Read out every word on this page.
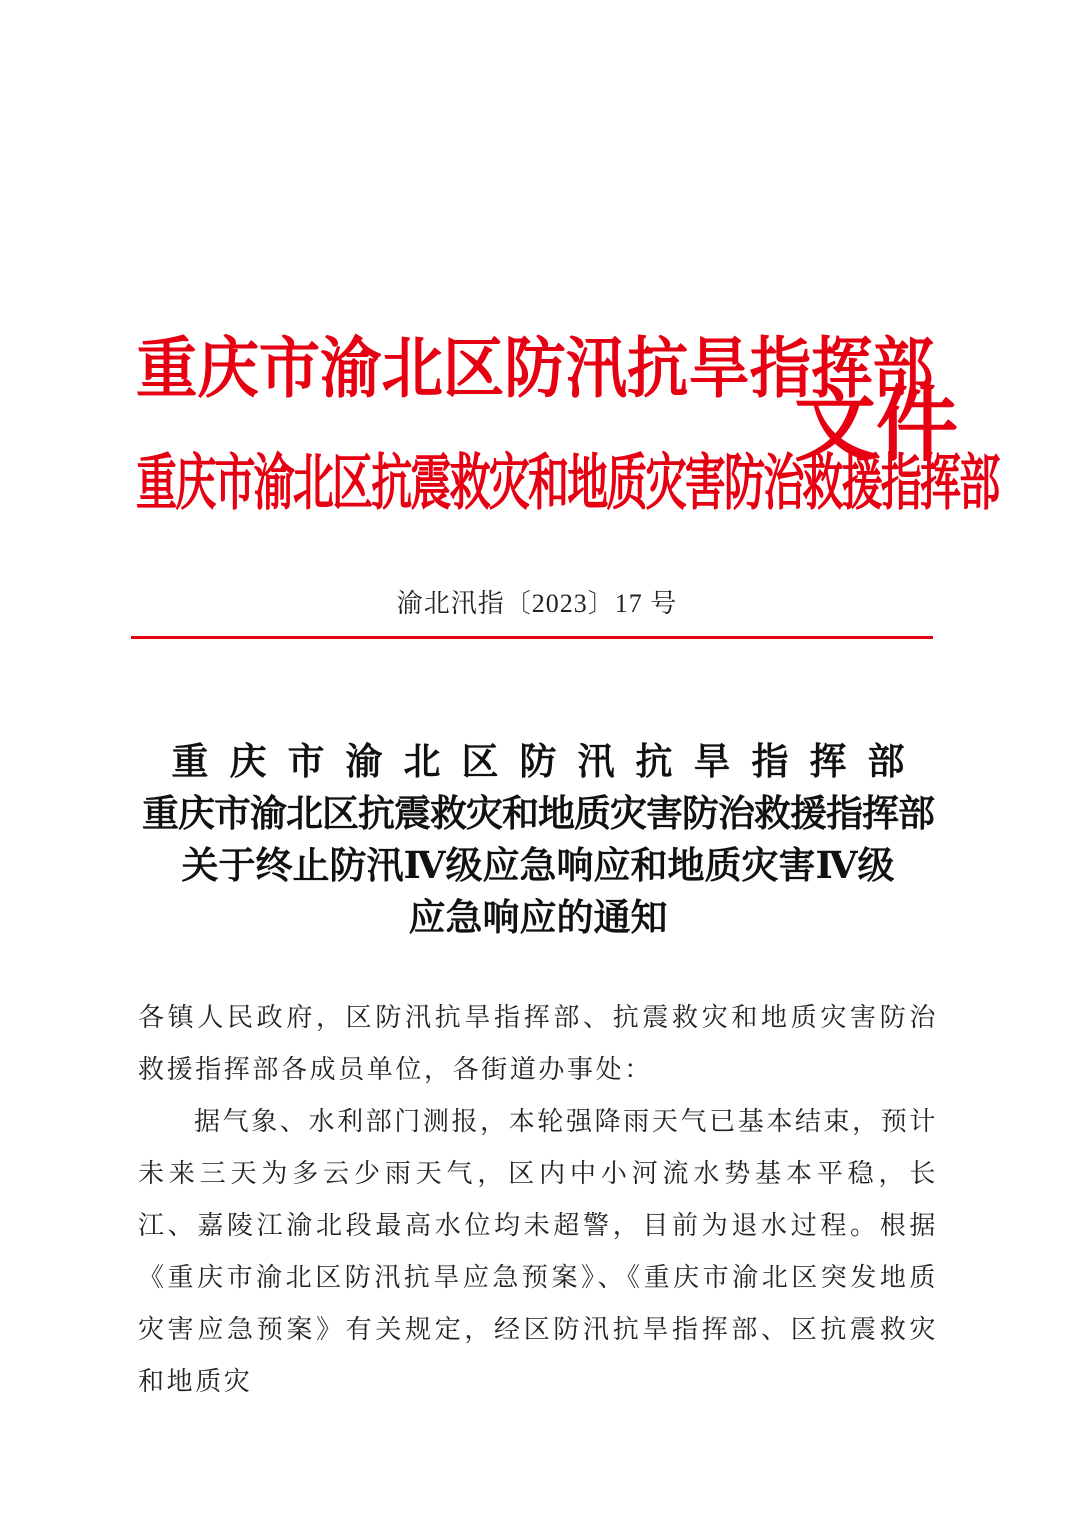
重庆市渝北区防汛抗旱指挥部
重庆市渝北区抗震救灾和地质灾害防治救援指挥部
文件
渝北汛指〔2023〕17 号
重庆市渝北区防汛抗旱指挥部
重庆市渝北区抗震救灾和地质灾害防治救援指挥部
关于终止防汛Ⅳ级应急响应和地质灾害Ⅳ级
应急响应的通知

各镇人民政府，区防汛抗旱指挥部、抗震救灾和地质灾害防治救援指挥部各成员单位，各街道办事处：

据气象、水利部门测报，本轮强降雨天气已基本结束，预计未来三天为多云少雨天气，区内中小河流水势基本平稳，长江、嘉陵江渝北段最高水位均未超警，目前为退水过程。根据《重庆市渝北区防汛抗旱应急预案》、《重庆市渝北区突发地质灾害应急预案》有关规定，经区防汛抗旱指挥部、区抗震救灾和地质灾
